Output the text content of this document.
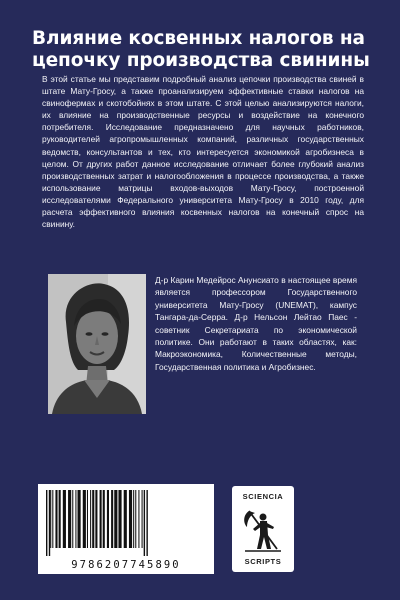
Влияние косвенных налогов на
цепочку производства свинины

В этой статье мы представим подробный анализ цепочки производства свиней в штате Мату-Гросу, а также проанализируем эффективные ставки налогов на свинофермах и скотобойнях в этом штате. С этой целью анализируются налоги, их влияние на производственные ресурсы и воздействие на конечного потребителя. Исследование предназначено для научных работников, руководителей агропромышленных компаний, различных государственных ведомств, консультантов и тех, кто интересуется экономикой агробизнеса в целом. От других работ данное исследование отличает более глубокий анализ производственных затрат и налогообложения в процессе производства, а также использование матрицы входов-выходов Мату-Гросу, построенной исследователями Федерального университета Мату-Гросу в 2010 году, для расчета эффективного влияния косвенных налогов на конечный спрос на свинину.

Д-р Карин Медейрос Анунсиато в настоящее время является профессором Государственного университета Мату-Гросу (UNEMAT), кампус Тангара-да-Серра. Д-р Нельсон Лейтао Паес - советник Секретариата по экономической политике. Они работают в таких областях, как: Макроэкономика, Количественные методы, Государственная политика и Агробизнес.

9786207745890
SCIENCIA
SCRIPTS
